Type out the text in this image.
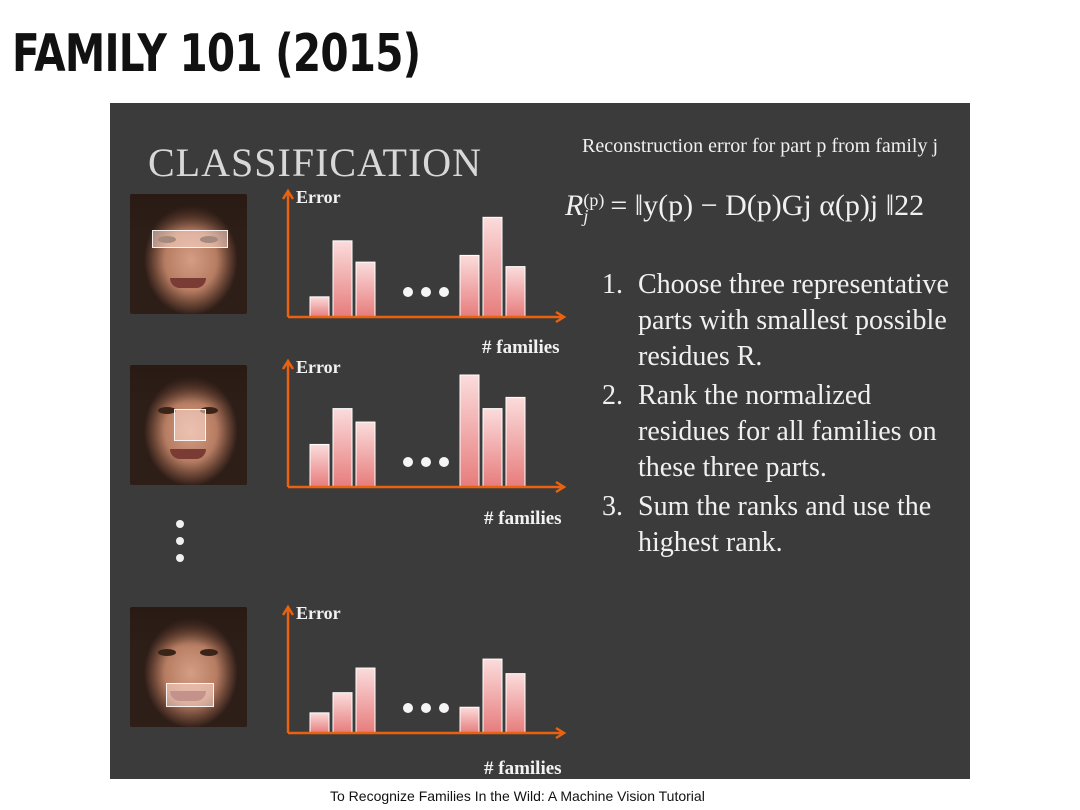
FAMILY 101 (2015)
CLASSIFICATION
Error
Error
Error
# families
# families
# families
Reconstruction error for part p from family j
R (p)
j = ‖y(p) − D(p)Gj α(p)j ‖22
1. Choose three representative parts with smallest possible residues R.
2. Rank the normalized residues for all families on these three parts.
3. Sum the ranks and use the highest rank.
To Recognize Families In the Wild: A Machine Vision Tutorial
